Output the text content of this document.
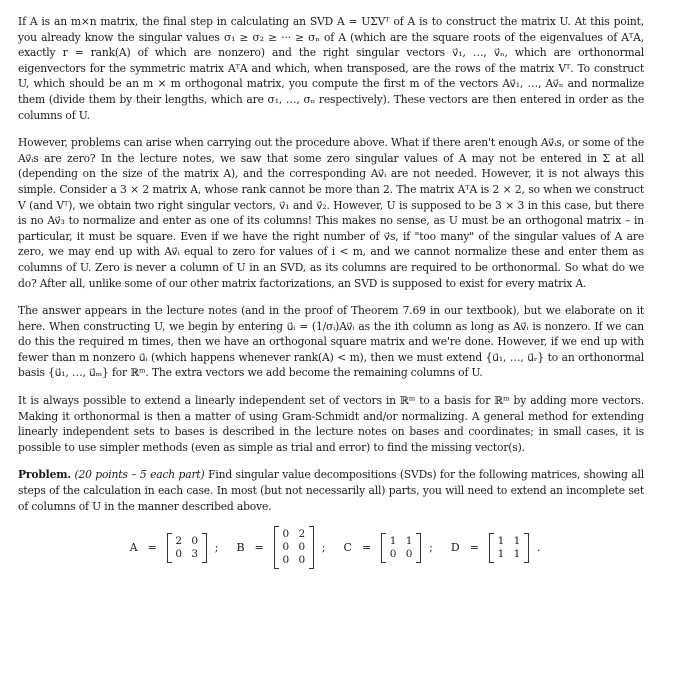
If A is an m×n matrix, the final step in calculating an SVD A = UΣVᵀ of A is to construct the matrix U. At this point, you already know the singular values σ₁ ≥ σ₂ ≥ ··· ≥ σₙ of A (which are the square roots of the eigenvalues of AᵀA, exactly r = rank(A) of which are nonzero) and the right singular vectors v⃗₁, …, v⃗ₙ, which are orthonormal eigenvectors for the symmetric matrix AᵀA and which, when transposed, are the rows of the matrix Vᵀ. To construct U, which should be an m × m orthogonal matrix, you compute the first m of the vectors Av⃗₁, …, Av⃗ₙ and normalize them (divide them by their lengths, which are σ₁, …, σₙ respectively). These vectors are then entered in order as the columns of U.

However, problems can arise when carrying out the procedure above. What if there aren't enough Av⃗ᵢs, or some of the Av⃗ᵢs are zero? In the lecture notes, we saw that some zero singular values of A may not be entered in Σ at all (depending on the size of the matrix A), and the corresponding Av⃗ᵢ are not needed. However, it is not always this simple. Consider a 3 × 2 matrix A, whose rank cannot be more than 2. The matrix AᵀA is 2 × 2, so when we construct V (and Vᵀ), we obtain two right singular vectors, v⃗₁ and v⃗₂. However, U is supposed to be 3 × 3 in this case, but there is no Av⃗₃ to normalize and enter as one of its columns! This makes no sense, as U must be an orthogonal matrix – in particular, it must be square. Even if we have the right number of v⃗s, if "too many" of the singular values of A are zero, we may end up with Av⃗ᵢ equal to zero for values of i < m, and we cannot normalize these and enter them as columns of U. Zero is never a column of U in an SVD, as its columns are required to be orthonormal. So what do we do? After all, unlike some of our other matrix factorizations, an SVD is supposed to exist for every matrix A.

The answer appears in the lecture notes (and in the proof of Theorem 7.69 in our textbook), but we elaborate on it here. When constructing U, we begin by entering u⃗ᵢ = (1/σᵢ)Av⃗ᵢ as the ith column as long as Av⃗ᵢ is nonzero. If we can do this the required m times, then we have an orthogonal square matrix and we're done. However, if we end up with fewer than m nonzero u⃗ᵢ (which happens whenever rank(A) < m), then we must extend {u⃗₁, …, u⃗ᵣ} to an orthonormal basis {u⃗₁, …, u⃗ₘ} for ℝᵐ. The extra vectors we add become the remaining columns of U.

It is always possible to extend a linearly independent set of vectors in ℝᵐ to a basis for ℝᵐ by adding more vectors. Making it orthonormal is then a matter of using Gram-Schmidt and/or normalizing. A general method for extending linearly independent sets to bases is described in the lecture notes on bases and coordinates; in small cases, it is possible to use simpler methods (even as simple as trial and error) to find the missing vector(s).

Problem. (20 points – 5 each part) Find singular value decompositions (SVDs) for the following matrices, showing all steps of the calculation in each case. In most (but not necessarily all) parts, you will need to extend an incomplete set of columns of U in the manner described above.

A =
2 0
0 3 ; B =
0 2
0 0
0 0
; C =
1 1
0 0 ; D =
1 1
1 1 .
